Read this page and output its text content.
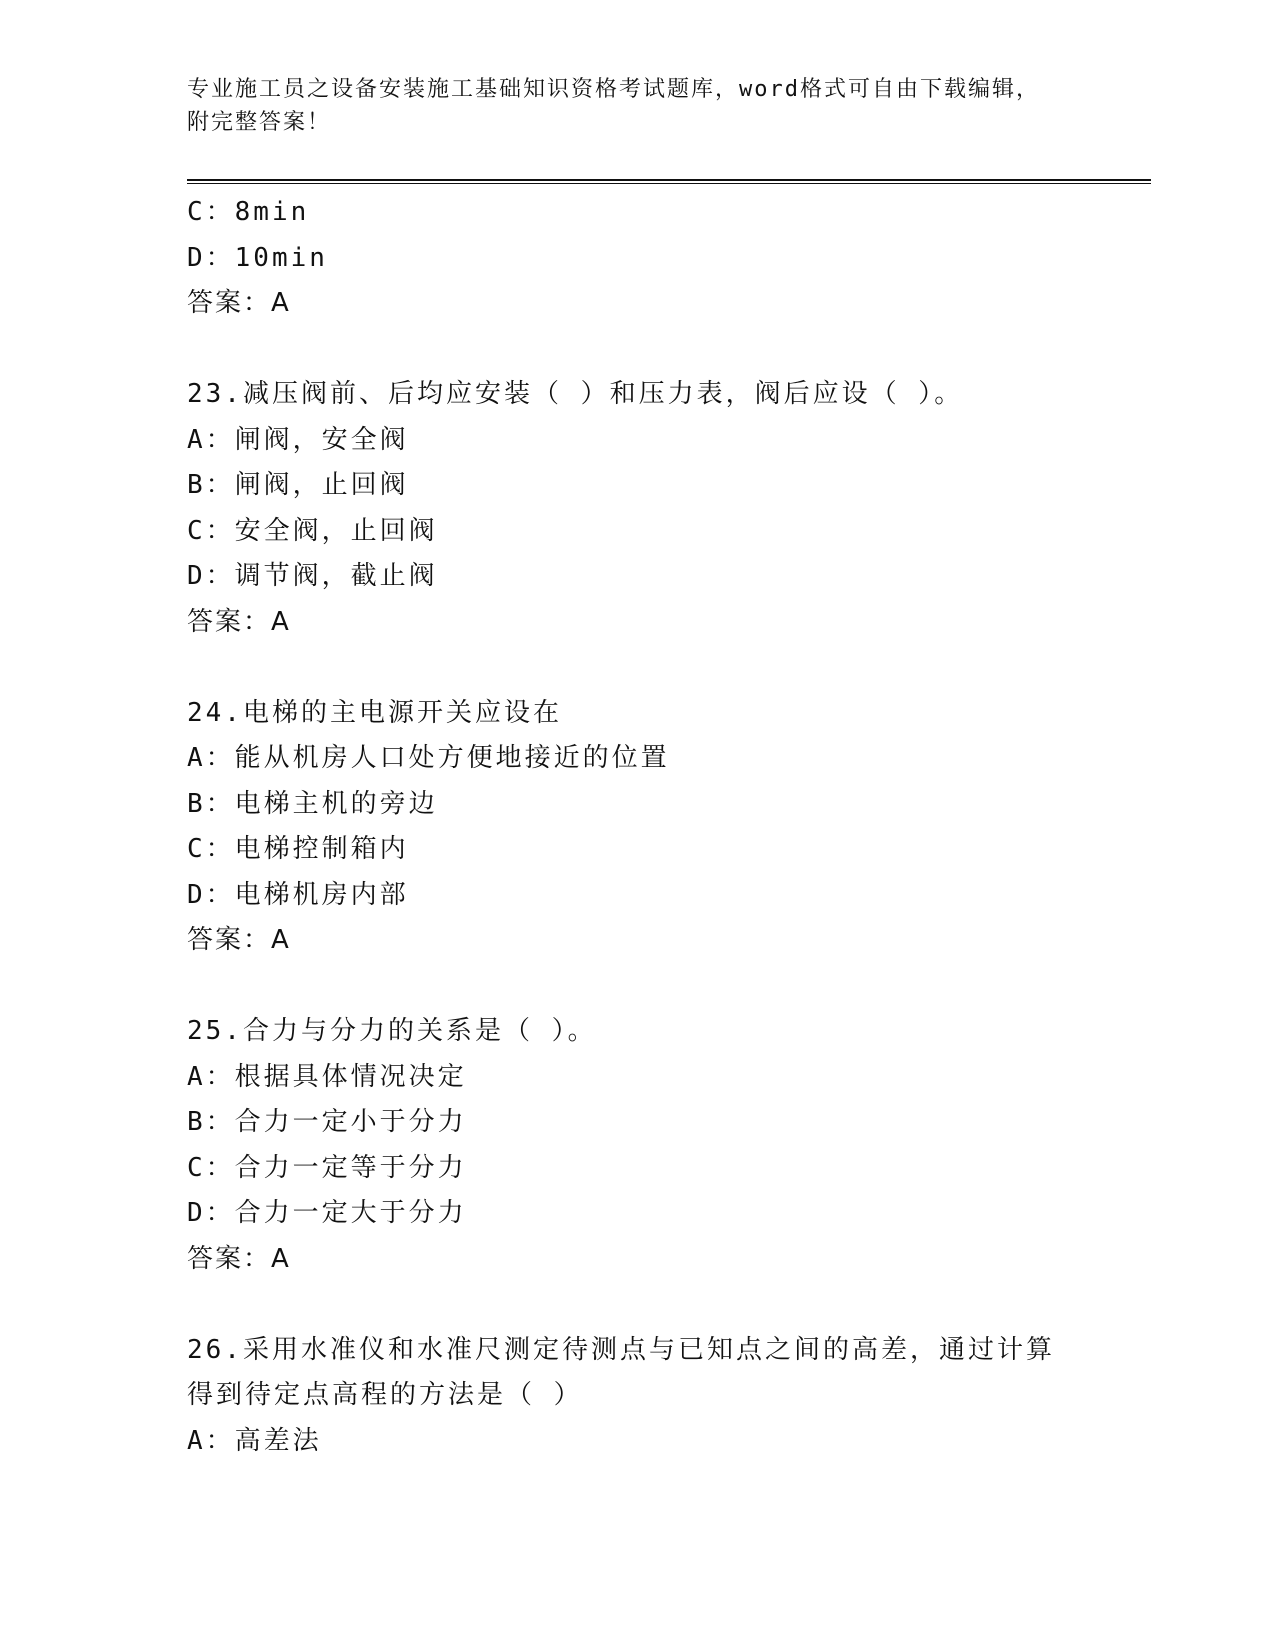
专业施工员之设备安装施工基础知识资格考试题库，word格式可自由下载编辑，
附完整答案！
C：8min
D：10min
答案：A
23.减压阀前、后均应安装（ ）和压力表，阀后应设（ ）。
A：闸阀，安全阀
B：闸阀，止回阀
C：安全阀，止回阀
D：调节阀，截止阀
答案：A
24.电梯的主电源开关应设在
A：能从机房人口处方便地接近的位置
B：电梯主机的旁边
C：电梯控制箱内
D：电梯机房内部
答案：A
25.合力与分力的关系是（ ）。
A：根据具体情况决定
B：合力一定小于分力
C：合力一定等于分力
D：合力一定大于分力
答案：A
26.采用水准仪和水准尺测定待测点与已知点之间的高差，通过计算得到待定点高程的方法是（ ）
A：高差法
